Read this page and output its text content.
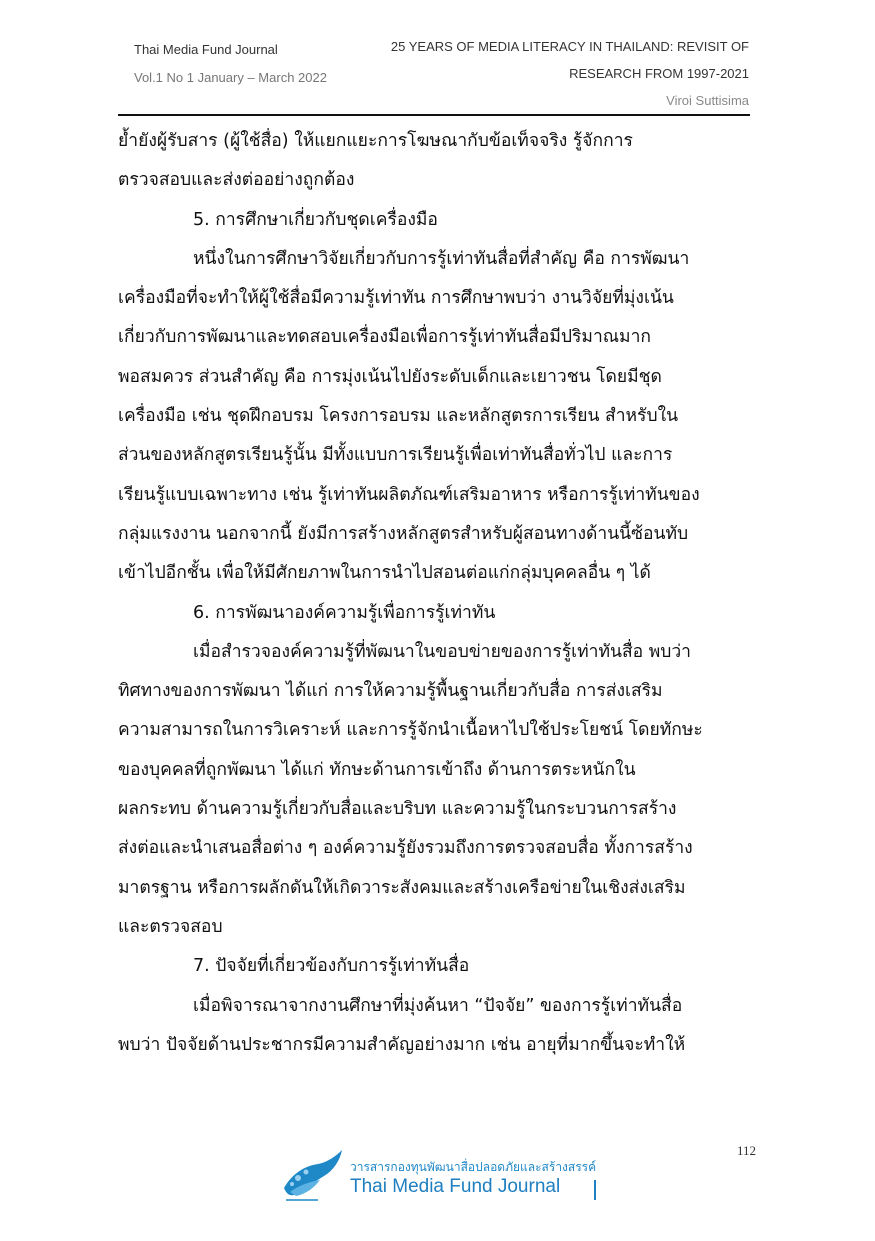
Thai Media Fund Journal
Vol.1 No 1 January – March 2022
25 YEARS OF MEDIA LITERACY IN THAILAND: REVISIT OF
RESEARCH FROM 1997-2021
Viroi Suttisima
ย้ำยังผู้รับสาร (ผู้ใช้สื่อ) ให้แยกแยะการโฆษณากับข้อเท็จจริง รู้จักการ
ตรวจสอบและส่งต่ออย่างถูกต้อง
5. การศึกษาเกี่ยวกับชุดเครื่องมือ
หนึ่งในการศึกษาวิจัยเกี่ยวกับการรู้เท่าทันสื่อที่สำคัญ คือ การพัฒนา
เครื่องมือที่จะทำให้ผู้ใช้สื่อมีความรู้เท่าทัน การศึกษาพบว่า งานวิจัยที่มุ่งเน้น
เกี่ยวกับการพัฒนาและทดสอบเครื่องมือเพื่อการรู้เท่าทันสื่อมีปริมาณมาก
พอสมควร ส่วนสำคัญ คือ การมุ่งเน้นไปยังระดับเด็กและเยาวชน โดยมีชุด
เครื่องมือ เช่น ชุดฝึกอบรม โครงการอบรม และหลักสูตรการเรียน สำหรับใน
ส่วนของหลักสูตรเรียนรู้นั้น มีทั้งแบบการเรียนรู้เพื่อเท่าทันสื่อทั่วไป และการ
เรียนรู้แบบเฉพาะทาง เช่น รู้เท่าทันผลิตภัณฑ์เสริมอาหาร หรือการรู้เท่าทันของ
กลุ่มแรงงาน นอกจากนี้ ยังมีการสร้างหลักสูตรสำหรับผู้สอนทางด้านนี้ซ้อนทับ
เข้าไปอีกชั้น เพื่อให้มีศักยภาพในการนำไปสอนต่อแก่กลุ่มบุคคลอื่น ๆ ได้
6. การพัฒนาองค์ความรู้เพื่อการรู้เท่าทัน
เมื่อสำรวจองค์ความรู้ที่พัฒนาในขอบข่ายของการรู้เท่าทันสื่อ พบว่า
ทิศทางของการพัฒนา ได้แก่ การให้ความรู้พื้นฐานเกี่ยวกับสื่อ การส่งเสริม
ความสามารถในการวิเคราะห์ และการรู้จักนำเนื้อหาไปใช้ประโยชน์ โดยทักษะ
ของบุคคลที่ถูกพัฒนา ได้แก่ ทักษะด้านการเข้าถึง ด้านการตระหนักใน
ผลกระทบ ด้านความรู้เกี่ยวกับสื่อและบริบท และความรู้ในกระบวนการสร้าง
ส่งต่อและนำเสนอสื่อต่าง ๆ องค์ความรู้ยังรวมถึงการตรวจสอบสื่อ ทั้งการสร้าง
มาตรฐาน หรือการผลักดันให้เกิดวาระสังคมและสร้างเครือข่ายในเชิงส่งเสริม
และตรวจสอบ
7. ปัจจัยที่เกี่ยวข้องกับการรู้เท่าทันสื่อ
เมื่อพิจารณาจากงานศึกษาที่มุ่งค้นหา “ปัจจัย” ของการรู้เท่าทันสื่อ
พบว่า ปัจจัยด้านประชากรมีความสำคัญอย่างมาก เช่น อายุที่มากขึ้นจะทำให้
112
วารสารกองทุนพัฒนาสื่อปลอดภัยและสร้างสรรค์
Thai Media Fund Journal
